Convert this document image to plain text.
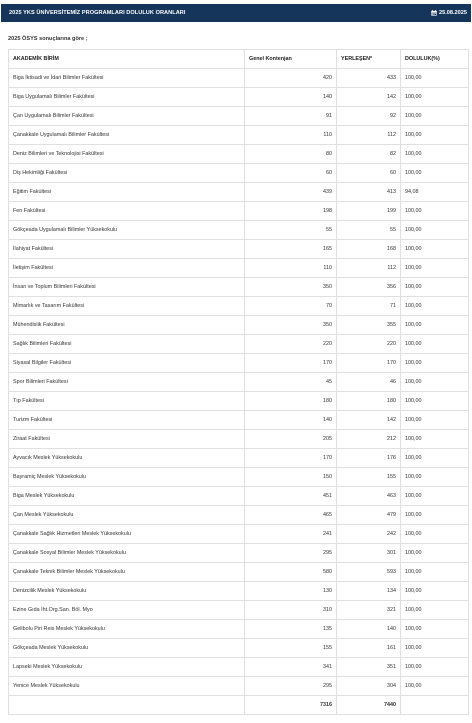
2025 YKS ÜNİVERSİTEMİZ PROGRAMLARI DOLULUK ORANLARI	25.08.2025
2025 ÖSYS sonuçlarına göre ;
AKADEMİK BİRİM	Genel Kontenjan	YERLEŞEN*	DOLULUK(%)
Biga İktisadi ve İdari Bilimler Fakültesi	420	433	100,00
Biga Uygulamalı Bilimler Fakültesi	140	142	100,00
Çan Uygulamalı Bilimler Fakültesi	91	92	100,00
Çanakkale Uygulamalı Bilimler Fakültesi	110	112	100,00
Deniz Bilimleri ve Teknolojisi Fakültesi	80	82	100,00
Diş Hekimliği Fakültesi	60	60	100,00
Eğitim Fakültesi	439	413	94,08
Fen Fakültesi	198	199	100,00
Gökçeada Uygulamalı Bilimler Yüksekokulu	55	55	100,00
İlahiyat Fakültesi	165	168	100,00
İletişim Fakültesi	110	112	100,00
İnsan ve Toplum Bilimleri Fakültesi	350	356	100,00
Mimarlık ve Tasarım Fakültesi	70	71	100,00
Mühendislik Fakültesi	350	355	100,00
Sağlık Bilimleri Fakültesi	220	220	100,00
Siyasal Bilgiler Fakültesi	170	170	100,00
Spor Bilimleri Fakültesi	45	46	100,00
Tıp Fakültesi	180	180	100,00
Turizm Fakültesi	140	142	100,00
Ziraat Fakültesi	205	212	100,00
Ayvacık Meslek Yüksekokulu	170	176	100,00
Bayramiç Meslek Yüksekokulu	150	155	100,00
Biga Meslek Yüksekokulu	451	463	100,00
Çan Meslek Yüksekokulu	465	479	100,00
Çanakkale Sağlık Hizmetleri Meslek Yüksekokulu	241	242	100,00
Çanakkale Sosyal Bilimler Meslek Yüksekokulu	295	301	100,00
Çanakkale Teknik Bilimler Meslek Yüksekokulu	580	593	100,00
Denizcilik Meslek Yüksekokulu	130	134	100,00
Ezine Gıda İht.Org.San. Böl. Myo	310	321	100,00
Gelibolu Piri Reis Meslek Yüksekokulu	135	140	100,00
Gökçeada Meslek Yüksekokulu	155	161	100,00
Lapseki Meslek Yüksekokulu	341	351	100,00
Yenice Meslek Yüksekokulu	295	304	100,00
	7316	7440	
